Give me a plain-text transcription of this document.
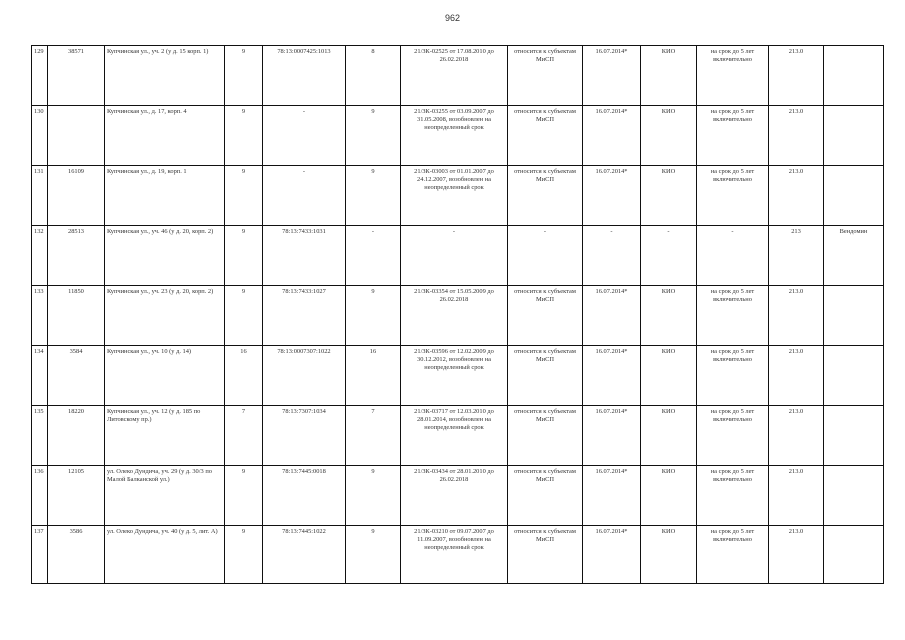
962
129	38571	Купчинская ул., уч. 2 (у д. 15 корп. 1)	9	78:13:0007425:1013	8	21/ЗК-02525 от 17.08.2010 до 26.02.2018	относится к субъектам МиСП	16.07.2014*	КИО	на срок до 5 лет включительно	213.0	
130		Купчинская ул., д. 17, корп. 4	9	-	9	21/ЗК-03255 от 03.09.2007 до 31.05.2008, возобновлен на неопределенный срок	относится к субъектам МиСП	16.07.2014*	КИО	на срок до 5 лет включительно	213.0	
131	16109	Купчинская ул., д. 19, корп. 1	9	-	9	21/ЗК-03003 от 01.01.2007 до 24.12.2007, возобновлен на неопределенный срок	относится к субъектам МиСП	16.07.2014*	КИО	на срок до 5 лет включительно	213.0	
132	28513	Купчинская ул., уч. 46 (у д. 20, корп. 2)	9	78:13:7433:1031	-	-	-	-	-	-	213	Вендомин
133	11850	Купчинская ул., уч. 23 (у д. 20, корп. 2)	9	78:13:7433:1027	9	21/ЗК-03354 от 15.05.2009 до 26.02.2018	относится к субъектам МиСП	16.07.2014*	КИО	на срок до 5 лет включительно	213.0	
134	3584	Купчинская ул., уч. 10 (у д. 14)	16	78:13:0007307:1022	16	21/ЗК-03596 от 12.02.2009 до 30.12.2012, возобновлен на неопределенный срок	относится к субъектам МиСП	16.07.2014*	КИО	на срок до 5 лет включительно	213.0	
135	18220	Купчинская ул., уч. 12 (у д. 185 по Литовскому пр.)	7	78:13:7307:1034	7	21/ЗК-03717 от 12.03.2010 до 28.01.2014, возобновлен на неопределенный срок	относится к субъектам МиСП	16.07.2014*	КИО	на срок до 5 лет включительно	213.0	
136	12105	ул. Олеко Дундича, уч. 29 (у д. 30/3 по Малой Балканской ул.)	9	78:13:7445:0018	9	21/ЗК-03434 от 28.01.2010 до 26.02.2018	относится к субъектам МиСП	16.07.2014*	КИО	на срок до 5 лет включительно	213.0	
137	3586	ул. Олеко Дундича, уч. 40 (у д. 5, лит. А)	9	78:13:7445:1022	9	21/ЗК-03210 от 09.07.2007 до 11.09.2007, возобновлен на неопределенный срок	относится к субъектам МиСП	16.07.2014*	КИО	на срок до 5 лет включительно	213.0	
